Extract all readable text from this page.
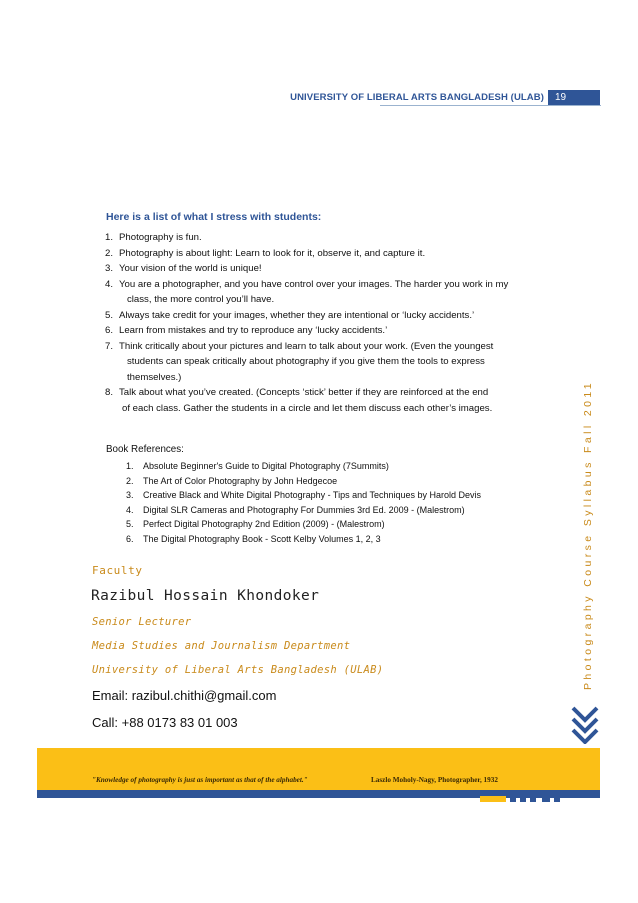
UNIVERSITY OF LIBERAL ARTS BANGLADESH (ULAB)	19
Here is a list of what I stress with students:
1. Photography is fun.
2. Photography is about light: Learn to look for it, observe it, and capture it.
3. Your vision of the world is unique!
4. You are a photographer, and you have control over your images. The harder you work in my
class, the more control you’ll have.
5. Always take credit for your images, whether they are intentional or ‘lucky accidents.’
6. Learn from mistakes and try to reproduce any ‘lucky accidents.’
7. Think critically about your pictures and learn to talk about your work. (Even the youngest
students can speak critically about photography if you give them the tools to express
themselves.)
8. Talk about what you’ve created. (Concepts ‘stick’ better if they are reinforced at the end
of each class. Gather the students in a circle and let them discuss each other’s images.
Book References:
1.	Absolute Beginner's Guide to Digital Photography (7Summits)
2.	The Art of Color Photography by John Hedgecoe
3.	Creative Black and White Digital Photography - Tips and Techniques by Harold Devis
4.	Digital SLR Cameras and Photography For Dummies 3rd Ed. 2009 - (Malestrom)
5.	Perfect Digital Photography 2nd Edition (2009) - (Malestrom)
6.	The Digital Photography Book - Scott Kelby Volumes 1, 2, 3
Faculty
Razibul Hossain Khondoker
Senior Lecturer
Media Studies and Journalism Department
University of Liberal Arts Bangladesh (ULAB)
Email: razibul.chithi@gmail.com
Call: +88 0173 83 01 003
Photography Course Syllabus Fall 2011
"Knowledge of photography is just as important as that of the alphabet."	Laszlo Moholy-Nagy, Photographer, 1932
